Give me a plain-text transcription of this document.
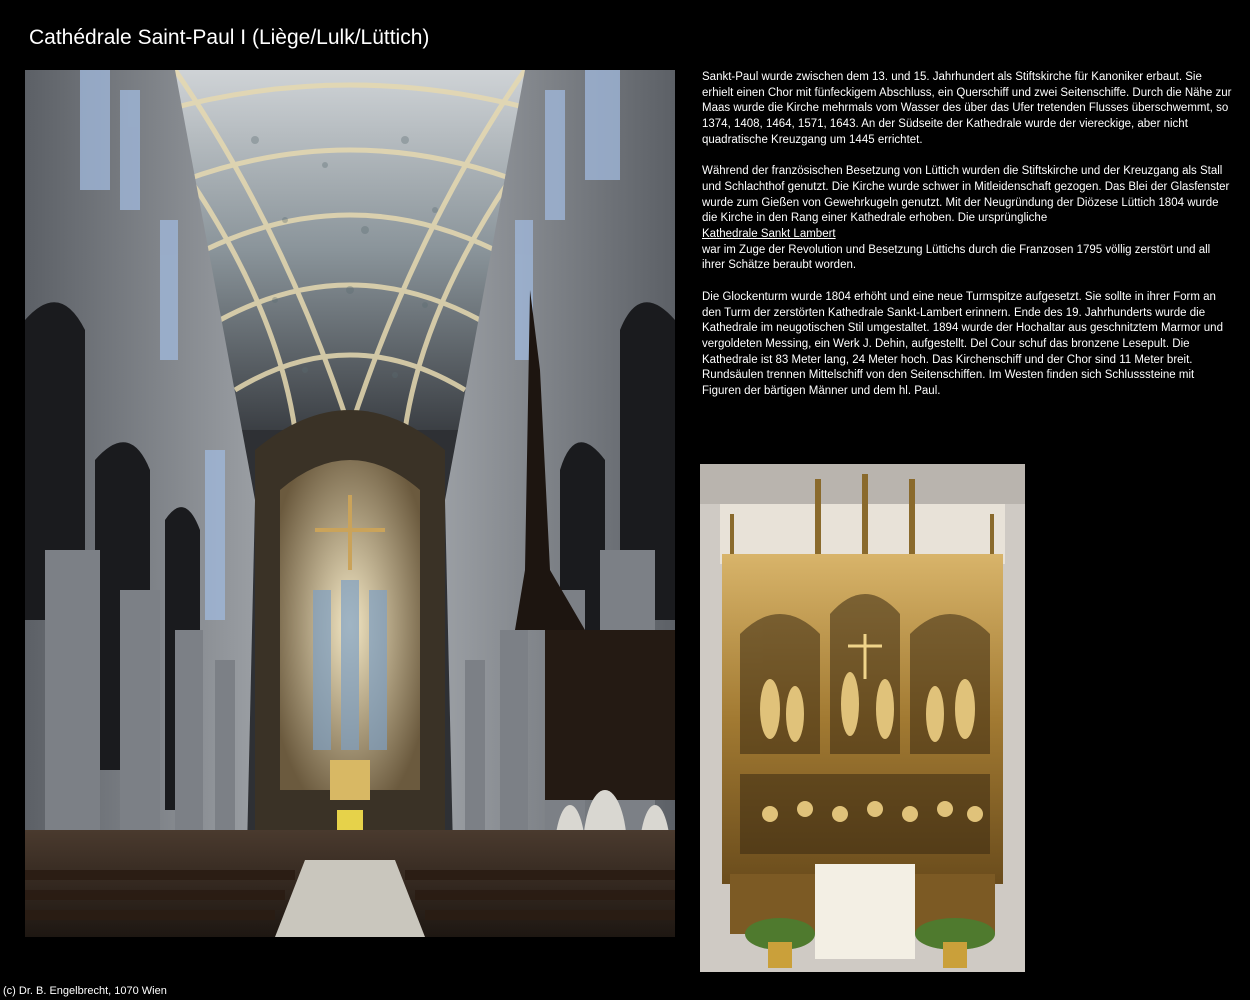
Cathédrale Saint-Paul I (Liège/Lulk/Lüttich)

Sankt-Paul wurde zwischen dem 13. und 15. Jahrhundert als Stiftskirche für Kanoniker erbaut. Sie erhielt einen Chor mit fünfeckigem Abschluss, ein Querschiff und zwei Seitenschiffe. Durch die Nähe zur Maas wurde die Kirche mehrmals vom Wasser des über das Ufer tretenden Flusses überschwemmt, so 1374, 1408, 1464, 1571, 1643. An der Südseite der Kathedrale wurde der viereckige, aber nicht quadratische Kreuzgang um 1445 errichtet.

Während der französischen Besetzung von Lüttich wurden die Stiftskirche und der Kreuzgang als Stall und Schlachthof genutzt. Die Kirche wurde schwer in Mitleidenschaft gezogen. Das Blei der Glasfenster wurde zum Gießen von Gewehrkugeln genutzt. Mit der Neugründung der Diözese Lüttich 1804 wurde die Kirche in den Rang einer Kathedrale erhoben. Die ursprüngliche
Kathedrale Sankt Lambert
war im Zuge der Revolution und Besetzung Lüttichs durch die Franzosen 1795 völlig zerstört und all ihrer Schätze beraubt worden.

Die Glockenturm wurde 1804 erhöht und eine neue Turmspitze aufgesetzt. Sie sollte in ihrer Form an den Turm der zerstörten Kathedrale Sankt-Lambert erinnern. Ende des 19. Jahrhunderts wurde die Kathedrale im neugotischen Stil umgestaltet. 1894 wurde der Hochaltar aus geschnitztem Marmor und vergoldeten Messing, ein Werk J. Dehin, aufgestellt. Del Cour schuf das bronzene Lesepult. Die Kathedrale ist 83 Meter lang, 24 Meter hoch. Das Kirchenschiff und der Chor sind 11 Meter breit. Rundsäulen trennen Mittelschiff von den Seitenschiffen. Im Westen finden sich Schlusssteine mit Figuren der bärtigen Männer und dem hl. Paul.

(c) Dr. B. Engelbrecht, 1070 Wien
